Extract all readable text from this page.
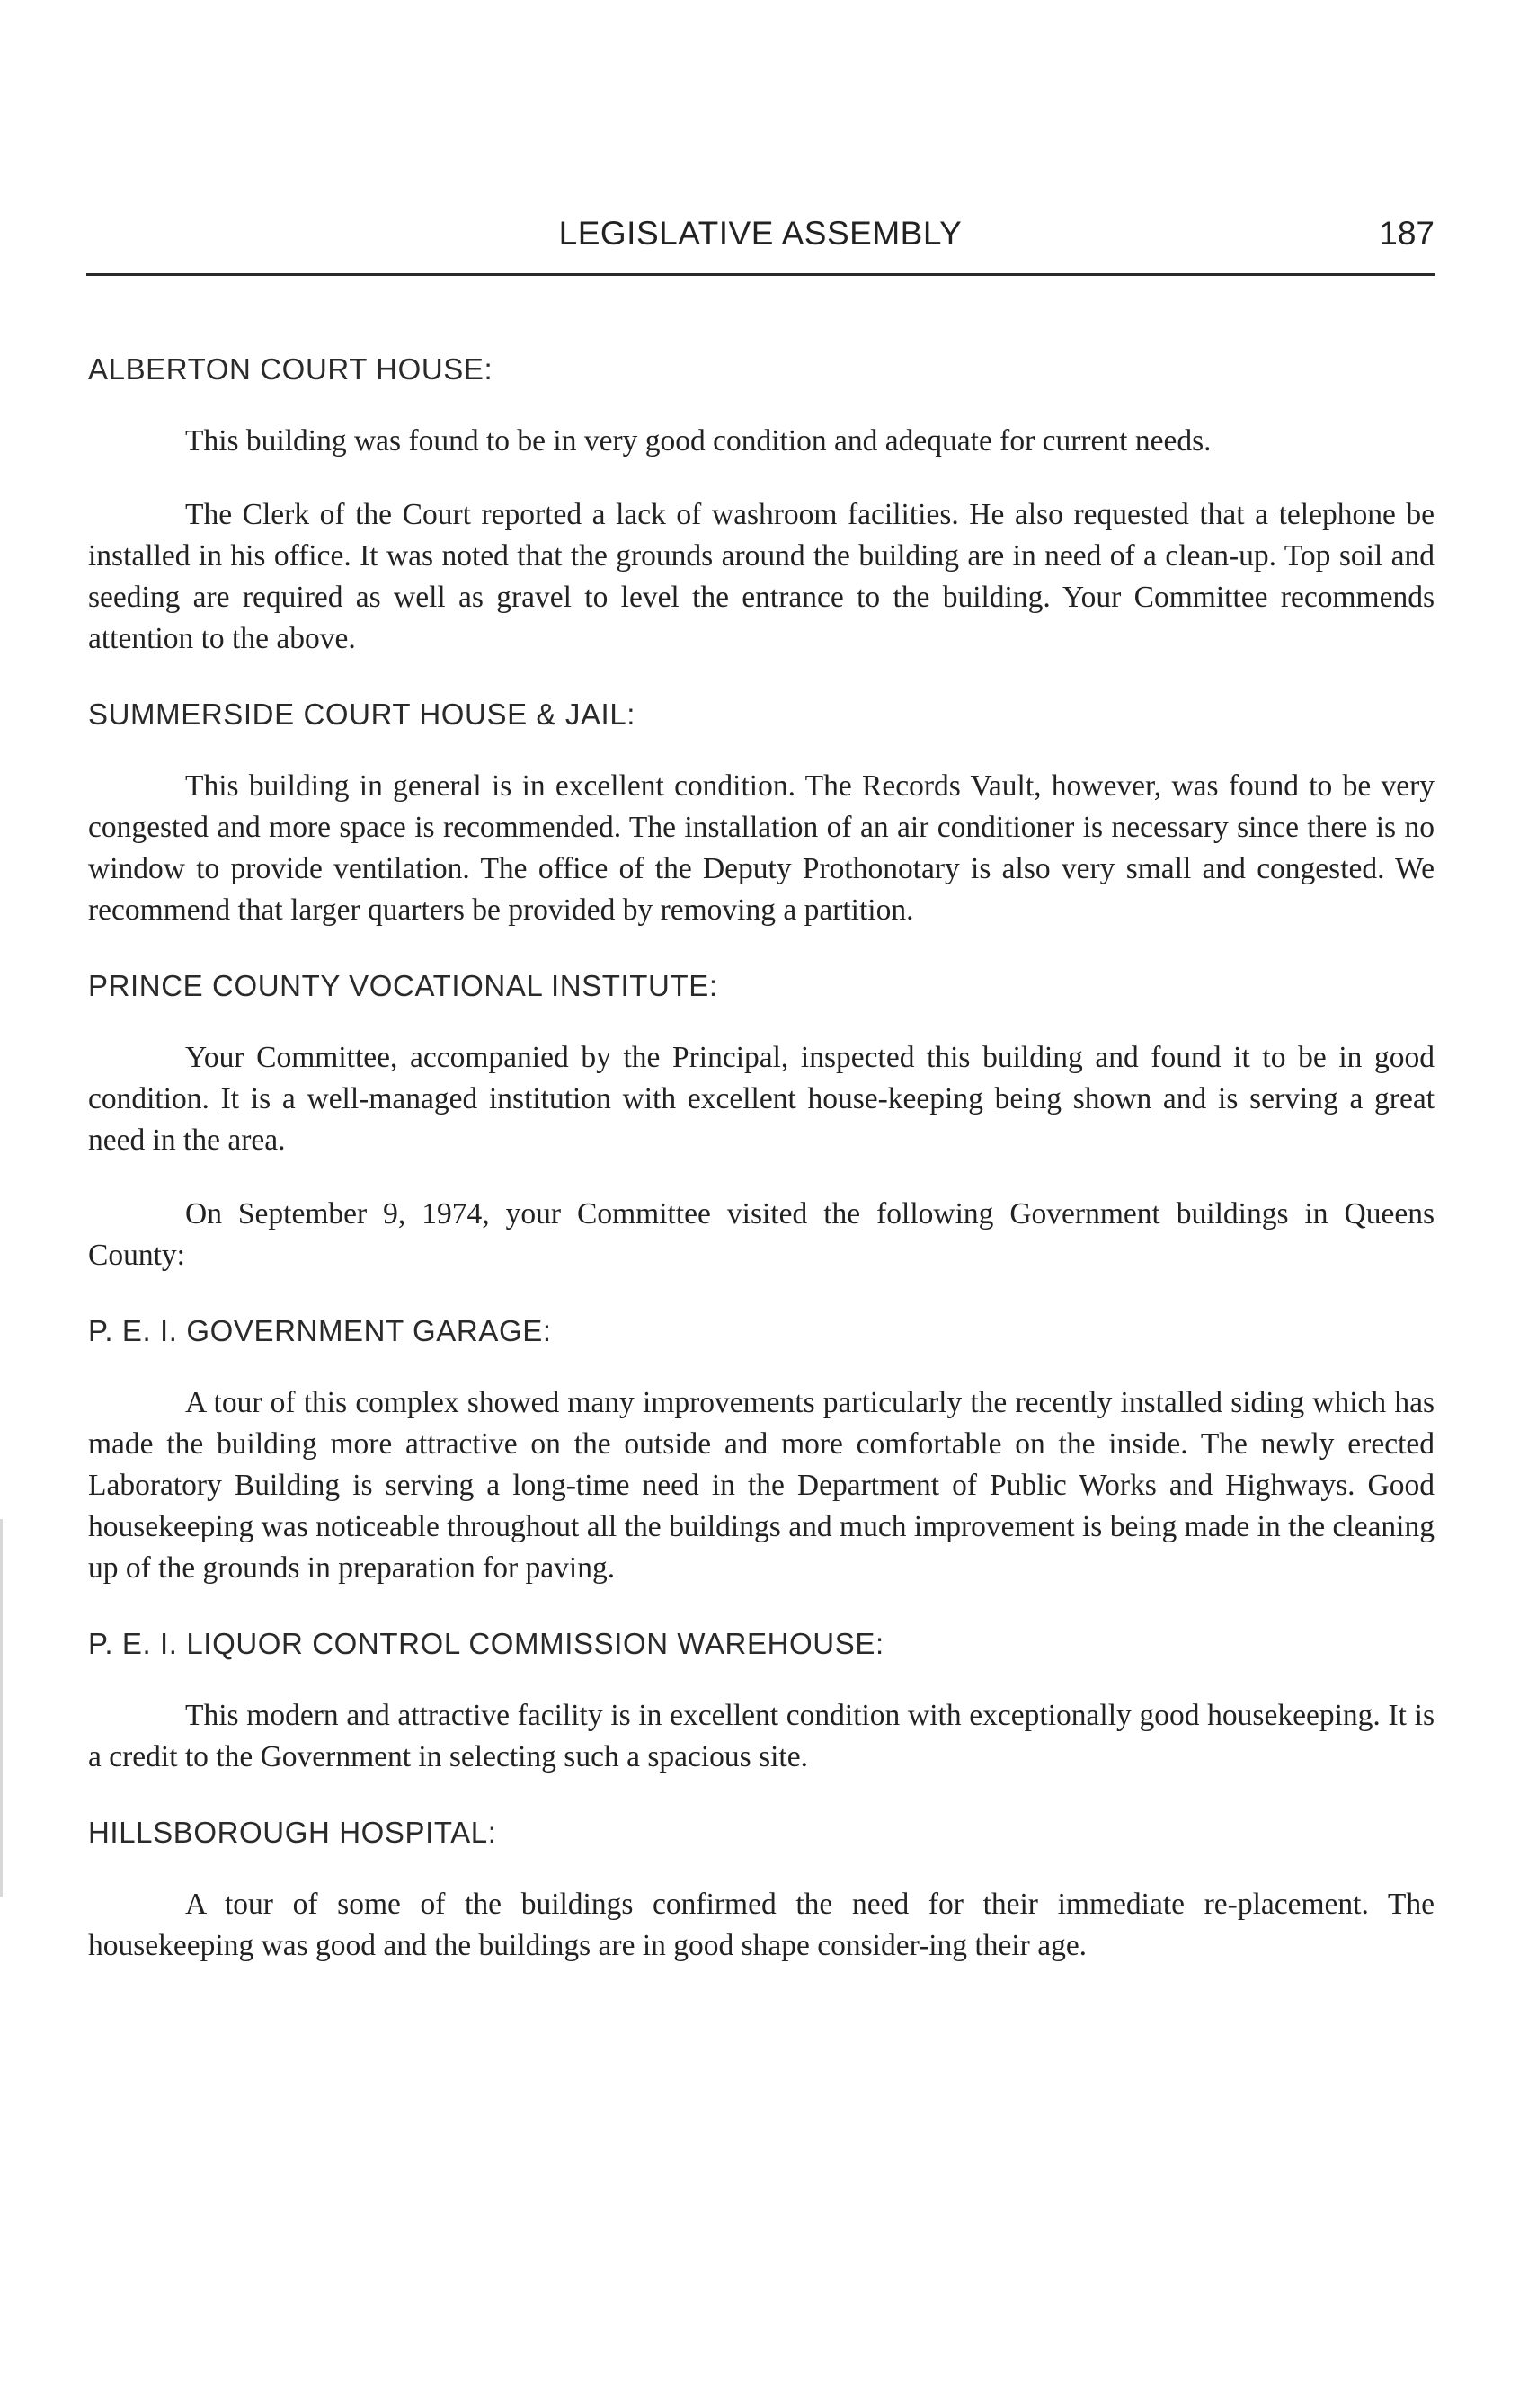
LEGISLATIVE ASSEMBLY	187
ALBERTON COURT HOUSE:

This building was found to be in very good condition and adequate for current needs.

The Clerk of the Court reported a lack of washroom facilities. He also requested that a telephone be installed in his office. It was noted that the grounds around the building are in need of a clean-up. Top soil and seeding are required as well as gravel to level the entrance to the building. Your Committee recommends attention to the above.

SUMMERSIDE COURT HOUSE & JAIL:

This building in general is in excellent condition. The Records Vault, however, was found to be very congested and more space is recommended. The installation of an air conditioner is necessary since there is no window to provide ventilation. The office of the Deputy Prothonotary is also very small and congested. We recommend that larger quarters be provided by removing a partition.

PRINCE COUNTY VOCATIONAL INSTITUTE:

Your Committee, accompanied by the Principal, inspected this building and found it to be in good condition. It is a well-managed institution with excellent house-keeping being shown and is serving a great need in the area.

On September 9, 1974, your Committee visited the following Government buildings in Queens County:

P. E. I. GOVERNMENT GARAGE:

A tour of this complex showed many improvements particularly the recently installed siding which has made the building more attractive on the outside and more comfortable on the inside. The newly erected Laboratory Building is serving a long-time need in the Department of Public Works and Highways. Good housekeeping was noticeable throughout all the buildings and much improvement is being made in the cleaning up of the grounds in preparation for paving.

P. E. I. LIQUOR CONTROL COMMISSION WAREHOUSE:

This modern and attractive facility is in excellent condition with exceptionally good housekeeping. It is a credit to the Government in selecting such a spacious site.

HILLSBOROUGH HOSPITAL:

A tour of some of the buildings confirmed the need for their immediate re-placement. The housekeeping was good and the buildings are in good shape consider-ing their age.
